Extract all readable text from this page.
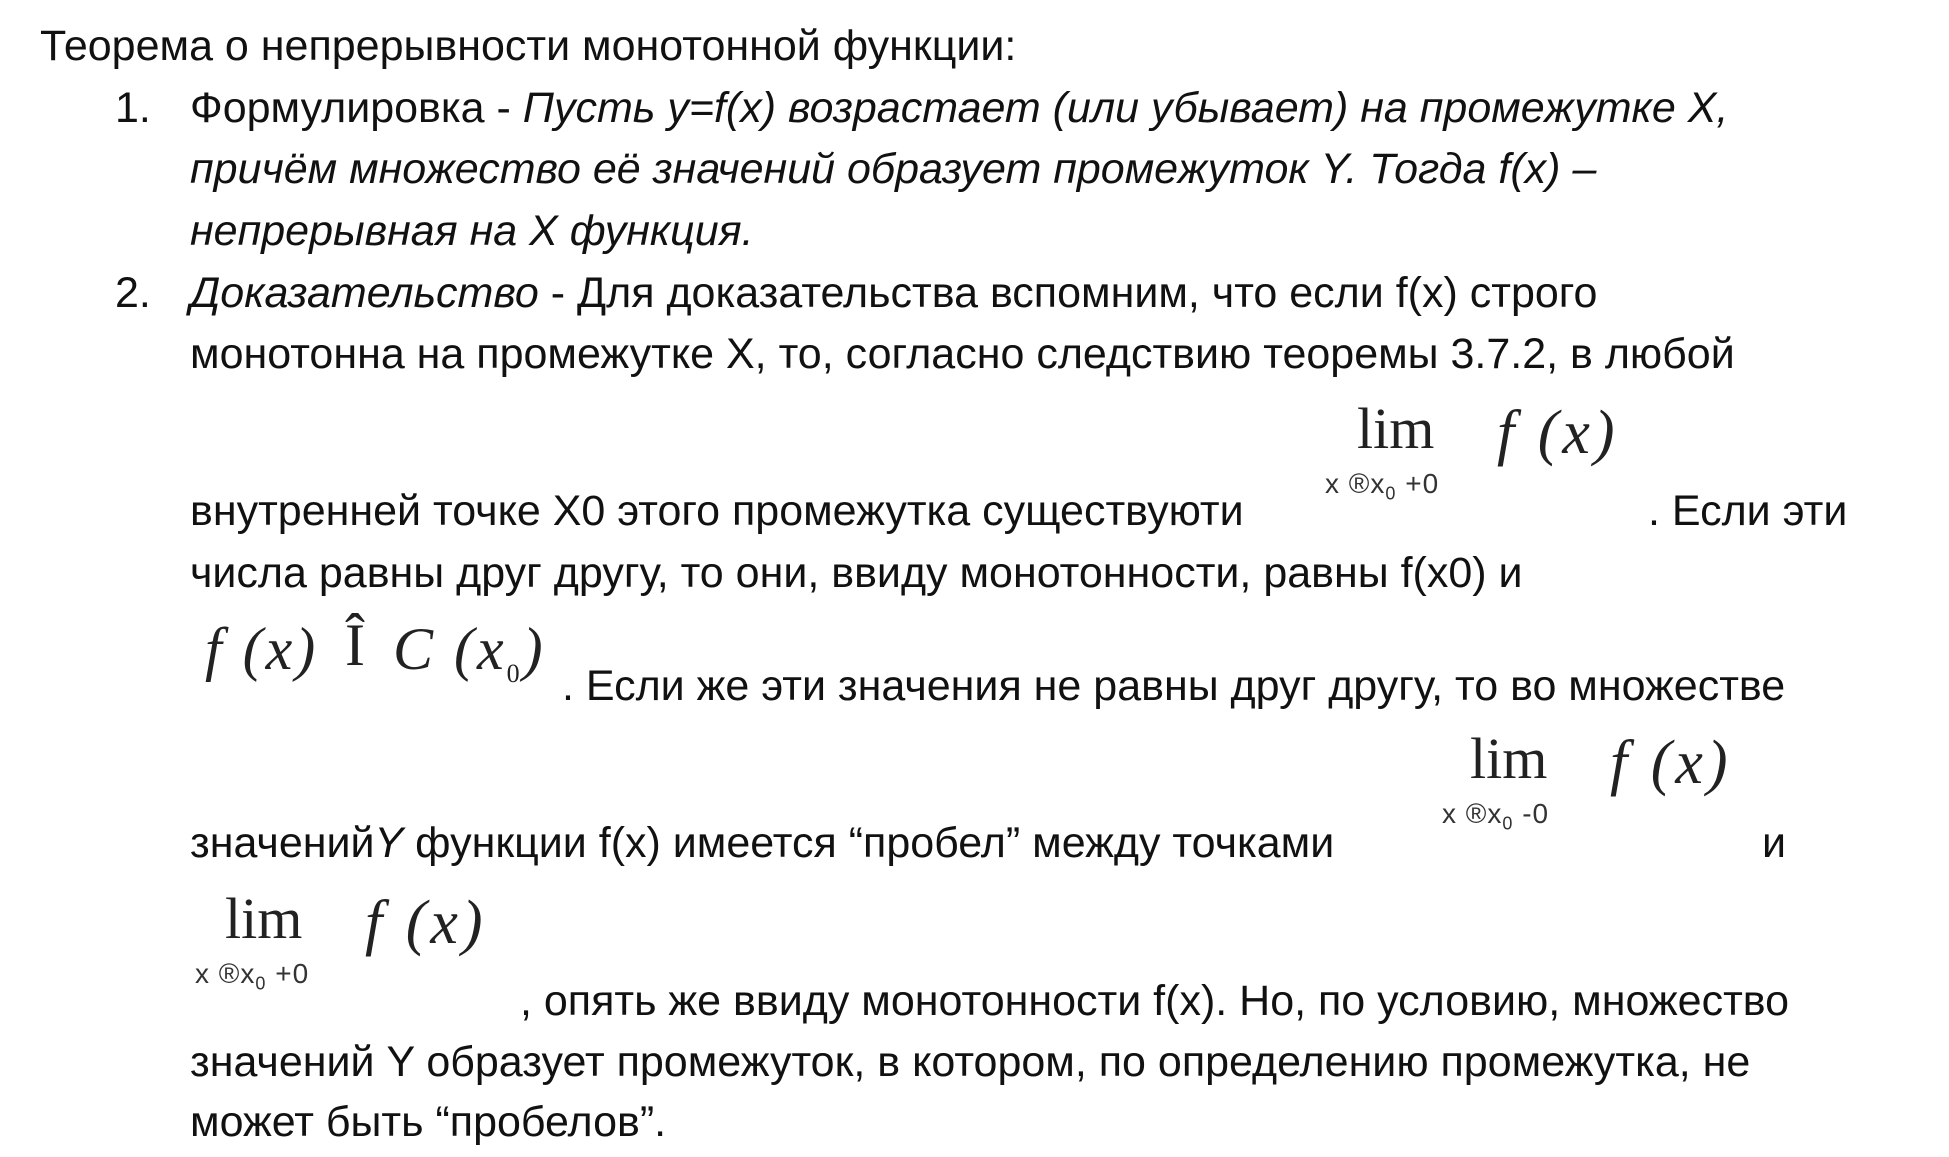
Теорема о непрерывности монотонной функции:
1. Формулировка - Пусть y=f(x) возрастает (или убывает) на промежутке X,
причём множество её значений образует промежуток Y. Тогда f(x) –
непрерывная на X функция.
2. Доказательство - Для доказательства вспомним, что если f(x) строго
монотонна на промежутке X, то, согласно следствию теоремы 3.7.2, в любой
lim
x $®x_0 +0$
f (x)
внутренней точке X0 этого промежутка существуюти	. Если эти
числа равны друг другу, то они, ввиду монотонности, равны f(x0) и
f (x) Î C $(x_0)$
. Если же эти значения не равны друг другу, то во множестве
lim
x $®x_0$ -0
f (x)
значенийY функции f(x) имеется “пробел” между точками	и
lim
x $®x_0 +0$
f (x)
, опять же ввиду монотонности f(x). Но, по условию, множество
значений Y образует промежуток, в котором, по определению промежутка, не
может быть “пробелов”.
